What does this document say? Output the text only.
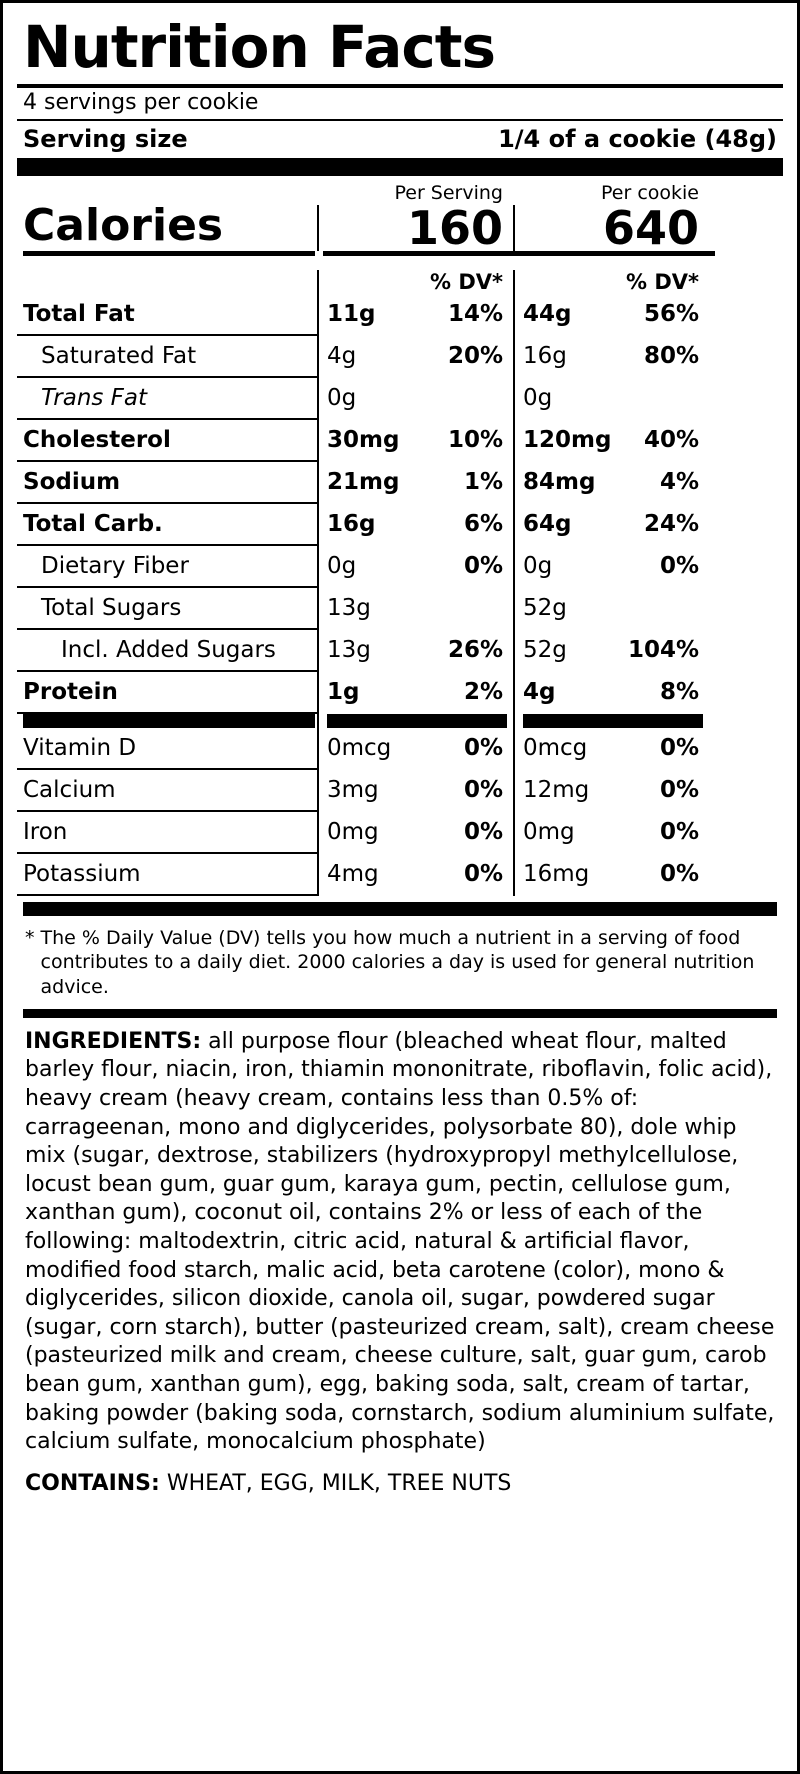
Nutrition Facts
4 servings per cookie
Serving size	1/4 of a cookie (48g)
Per Serving	Per cookie
Calories	160	640
% DV*	% DV*
Total Fat	11g	14% 44g	56%
Saturated Fat	4g	20% 16g	80%
Trans Fat	0g	0g
Cholesterol	30mg 10% 120mg 40%
Sodium	21mg	1% 84mg	4%
Total Carb.	16g	6% 64g	24%
Dietary Fiber	0g	0% 0g	0%
Total Sugars	13g	52g
Incl. Added Sugars	13g	26% 52g	104%
Protein	1g	2% 4g	8%
Vitamin D	0mcg	0% 0mcg	0%
Calcium	3mg	0% 12mg	0%
Iron	0mg	0% 0mg	0%
Potassium	4mg	0% 16mg	0%
* The % Daily Value (DV) tells you how much a nutrient in a serving of food contributes to a daily diet. 2000 calories a day is used for general nutrition advice.
INGREDIENTS: all purpose flour (bleached wheat flour, malted barley flour, niacin, iron, thiamin mononitrate, riboflavin, folic acid), heavy cream (heavy cream, contains less than 0.5% of: carrageenan, mono and diglycerides, polysorbate 80), dole whip mix (sugar, dextrose, stabilizers (hydroxypropyl methylcellulose, locust bean gum, guar gum, karaya gum, pectin, cellulose gum, xanthan gum), coconut oil, contains 2% or less of each of the following: maltodextrin, citric acid, natural & artificial flavor, modified food starch, malic acid, beta carotene (color), mono & diglycerides, silicon dioxide, canola oil, sugar, powdered sugar (sugar, corn starch), butter (pasteurized cream, salt), cream cheese (pasteurized milk and cream, cheese culture, salt, guar gum, carob bean gum, xanthan gum), egg, baking soda, salt, cream of tartar, baking powder (baking soda, cornstarch, sodium aluminium sulfate, calcium sulfate, monocalcium phosphate)
CONTAINS: WHEAT, EGG, MILK, TREE NUTS
